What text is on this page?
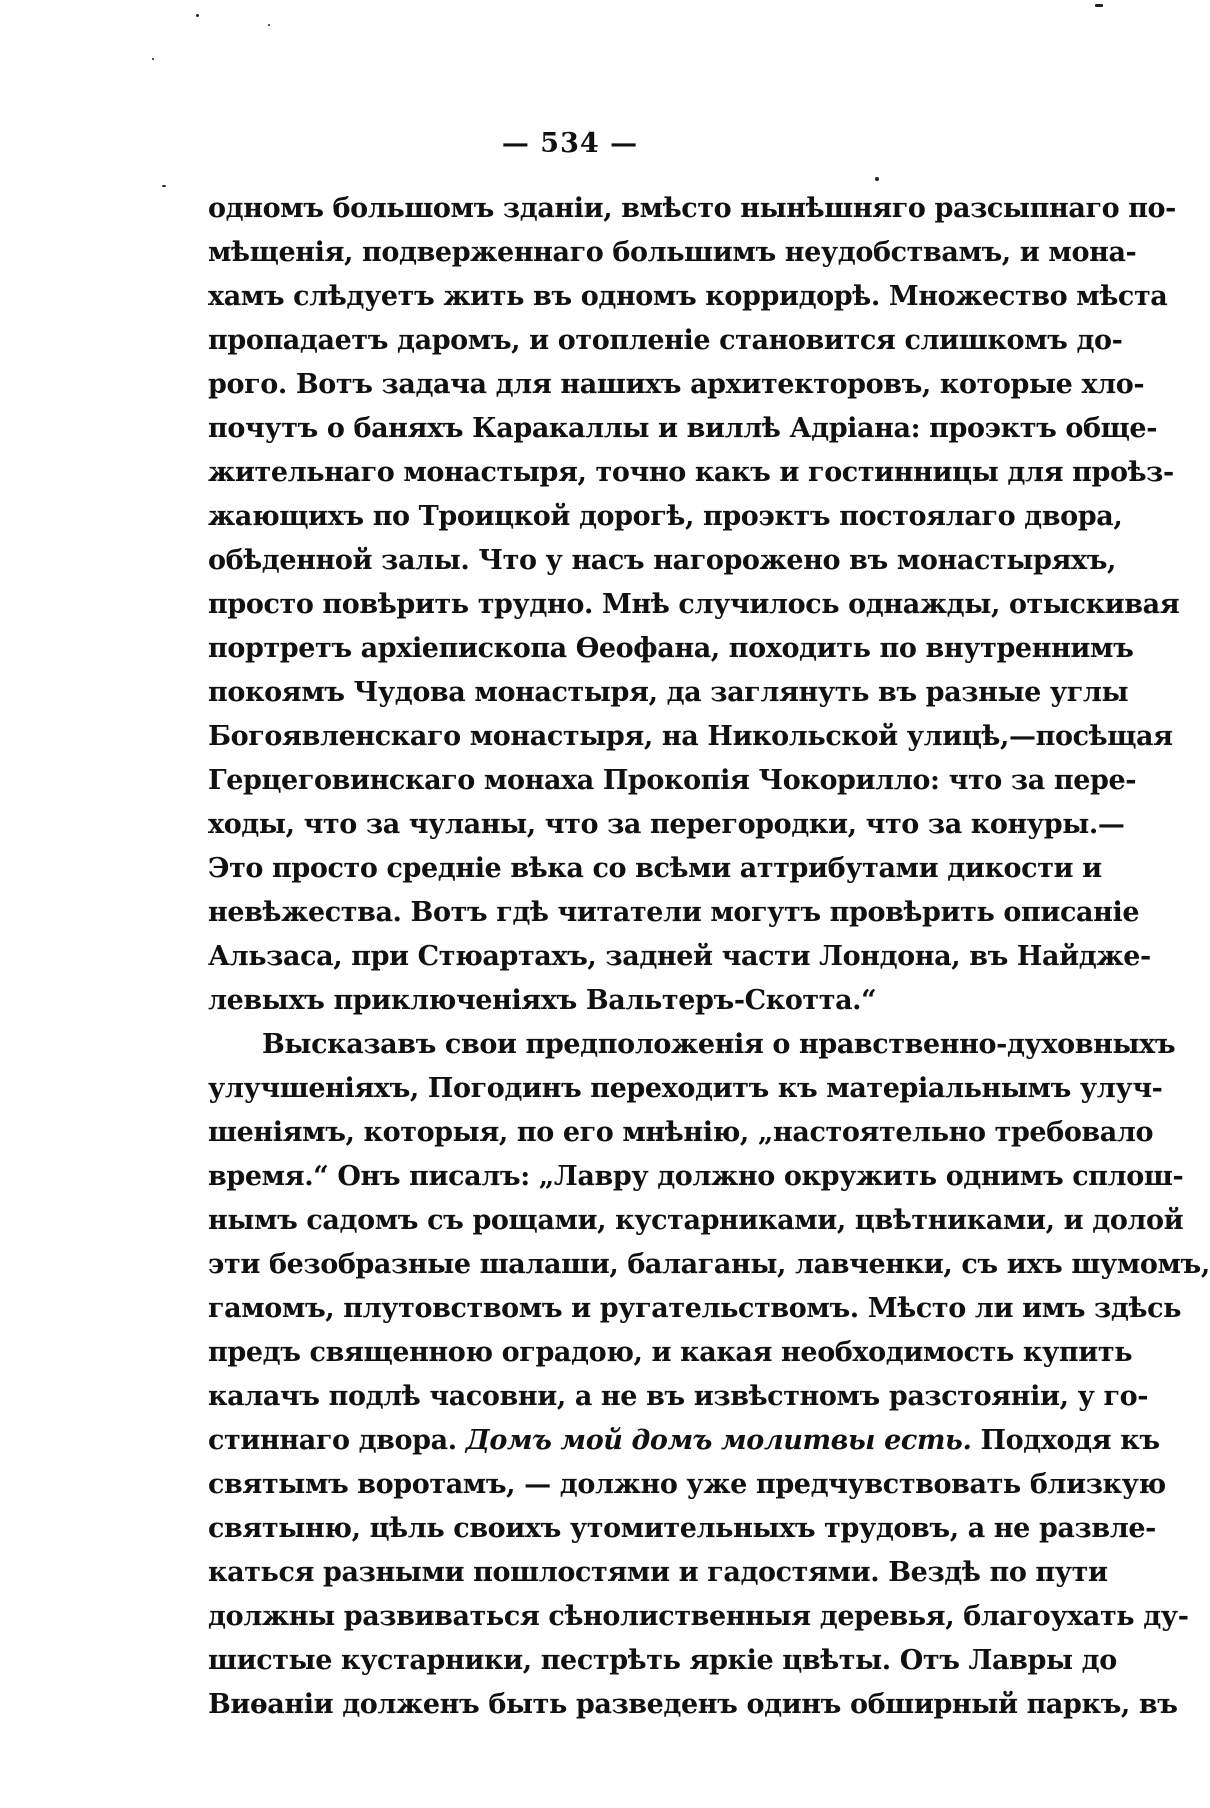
— 534 —
одномъ большомъ зданіи, вмѣсто нынѣшняго разсыпнаго по-
мѣщенія, подверженнаго большимъ неудобствамъ, и мона-
хамъ слѣдуетъ жить въ одномъ корридорѣ. Множество мѣста
пропадаетъ даромъ, и отопленіе становится слишкомъ до-
рого. Вотъ задача для нашихъ архитекторовъ, которые хло-
почутъ о баняхъ Каракаллы и виллѣ Адріана: проэктъ обще-
жительнаго монастыря, точно какъ и гостинницы для проѣз-
жающихъ по Троицкой дорогѣ, проэктъ постоялаго двора,
обѣденной залы. Что у насъ нагорожено въ монастыряхъ,
просто повѣрить трудно. Мнѣ случилось однажды, отыскивая
портретъ архіепископа Ѳеофана, походить по внутреннимъ
покоямъ Чудова монастыря, да заглянуть въ разные углы
Богоявленскаго монастыря, на Никольской улицѣ,—посѣщая
Герцеговинскаго монаха Прокопія Чокорилло: что за пере-
ходы, что за чуланы, что за перегородки, что за конуры.—
Это просто средніе вѣка со всѣми аттрибутами дикости и
невѣжества. Вотъ гдѣ читатели могутъ провѣрить описаніе
Альзаса, при Стюартахъ, задней части Лондона, въ Найдже-
левыхъ приключеніяхъ Вальтеръ-Скотта.“
Высказавъ свои предположенія о нравственно-духовныхъ
улучшеніяхъ, Погодинъ переходитъ къ матеріальнымъ улуч-
шеніямъ, которыя, по его мнѣнію, „настоятельно требовало
время.“ Онъ писалъ: „Лавру должно окружить однимъ сплош-
нымъ садомъ съ рощами, кустарниками, цвѣтниками, и долой
эти безобразные шалаши, балаганы, лавченки, съ ихъ шумомъ,
гамомъ, плутовствомъ и ругательствомъ. Мѣсто ли имъ здѣсь
предъ священною оградою, и какая необходимость купить
калачъ подлѣ часовни, а не въ извѣстномъ разстояніи, у го-
стиннаго двора. Домъ мой домъ молитвы есть. Подходя къ
святымъ воротамъ, — должно уже предчувствовать близкую
святыню, цѣль своихъ утомительныхъ трудовъ, а не развле-
каться разными пошлостями и гадостями. Вездѣ по пути
должны развиваться сѣнолиственныя деревья, благоухать ду-
шистые кустарники, пестрѣть яркіе цвѣты. Отъ Лавры до
Виѳаніи долженъ быть разведенъ одинъ обширный паркъ, въ
